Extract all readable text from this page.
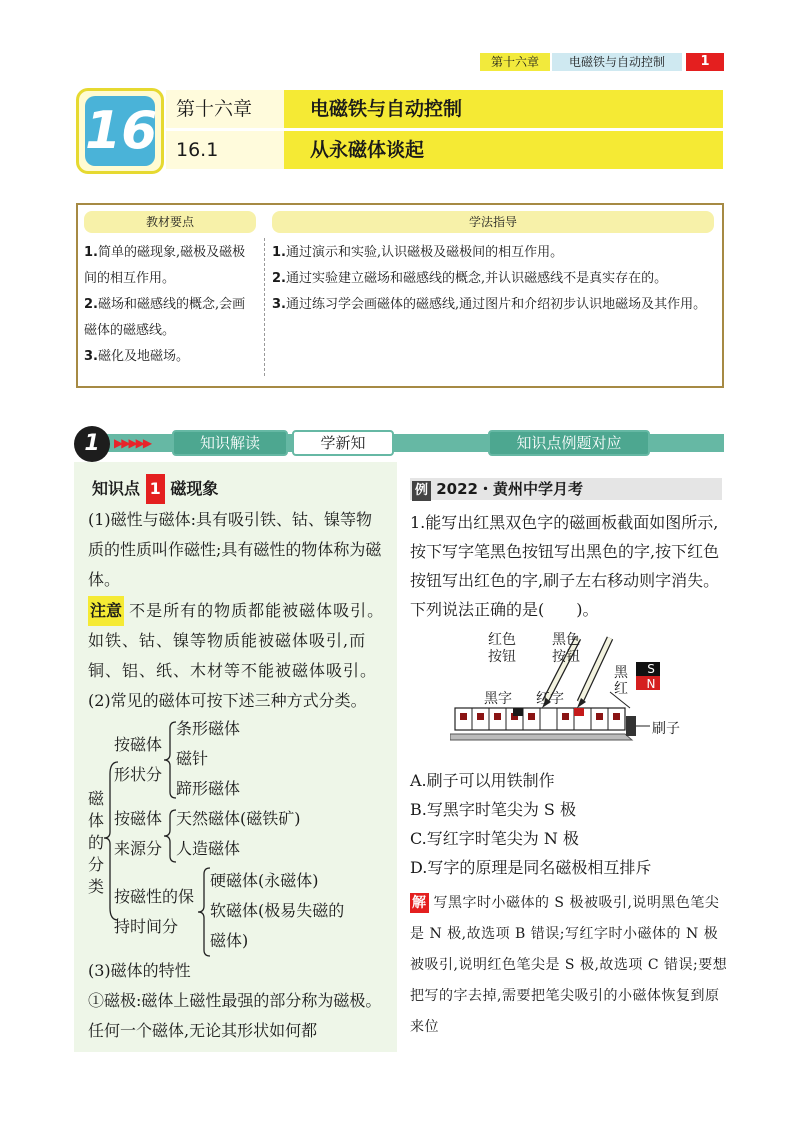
第十六章	电磁铁与自动控制	1
16 第十六章
16.1
电磁铁与自动控制
从永磁体谈起
教材要点	学法指导
1.简单的磁现象,磁极及磁极间的相互作用。
2.磁场和磁感线的概念,会画磁体的磁感线。
3.磁化及地磁场。
1.通过演示和实验,认识磁极及磁极间的相互作用。
2.通过实验建立磁场和磁感线的概念,并认识磁感线不是真实存在的。
3.通过练习学会画磁体的磁感线,通过图片和介绍初步认识地磁场及其作用。
1	▶▶▶▶▶	知识解读	学新知	知识点例题对应
知识点 1 磁现象
(1)磁性与磁体:具有吸引铁、钴、镍等物质的性质叫作磁性;具有磁性的物体称为磁体。
注意 不是所有的物质都能被磁体吸引。如铁、钴、镍等物质能被磁体吸引,而铜、铝、纸、木材等不能被磁体吸引。
(2)常见的磁体可按下述三种方式分类。
磁体的分类
按磁体
形状分
条形磁体
磁针
蹄形磁体
按磁体
来源分
天然磁体(磁铁矿)
人造磁体
按磁性的保
持时间分
硬磁体(永磁体)
软磁体(极易失磁的
磁体)
(3)磁体的特性
①磁极:磁体上磁性最强的部分称为磁极。任何一个磁体,无论其形状如何都
例 2022・黄州中学月考
1.能写出红黑双色字的磁画板截面如图所示,按下写字笔黑色按钮写出黑色的字,按下红色按钮写出红色的字,刷子左右移动则字消失。下列说法正确的是(　　)。
红色
按钮
黑色
按钮
黑字 红字
黑
红
S
N
刷子
A.刷子可以用铁制作
B.写黑字时笔尖为 S 极
C.写红字时笔尖为 N 极
D.写字的原理是同名磁极相互排斥
解 写黑字时小磁体的 S 极被吸引,说明黑色笔尖是 N 极,故选项 B 错误;写红字时小磁体的 N 极被吸引,说明红色笔尖是 S 极,故选项 C 错误;要想把写的字去掉,需要把笔尖吸引的小磁体恢复到原来位
